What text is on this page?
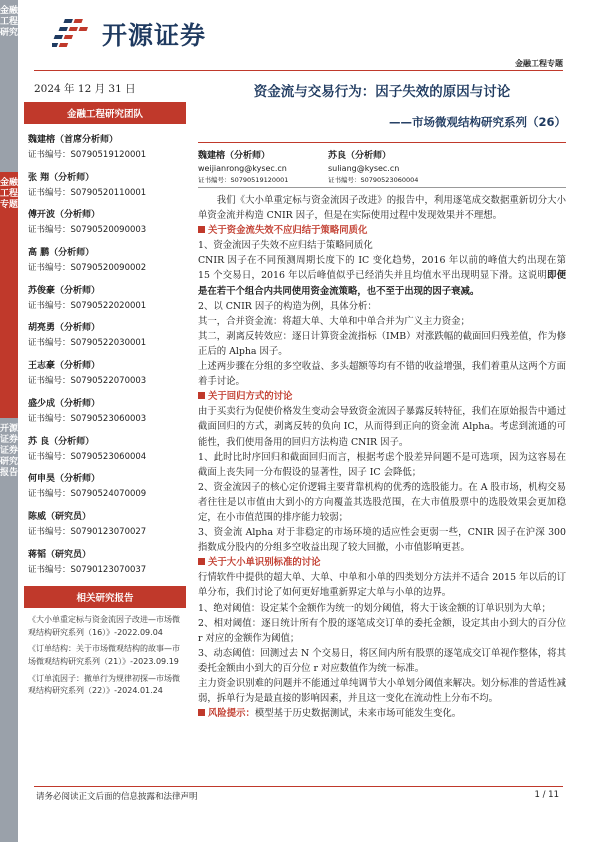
金融工程研究
金融工程专题
开源证券 证券研究报告
开源证券
金融工程专题
2024 年 12 月 31 日
金融工程研究团队
魏建榕（首席分析师）
证书编号：S0790519120001
张 翔（分析师）
证书编号：S0790520110001
傅开波（分析师）
证书编号：S0790520090003
高 鹏（分析师）
证书编号：S0790520090002
苏俊豪（分析师）
证书编号：S0790522020001
胡亮勇（分析师）
证书编号：S0790522030001
王志豪（分析师）
证书编号：S0790522070003
盛少成（分析师）
证书编号：S0790523060003
苏 良（分析师）
证书编号：S0790523060004
何申昊（分析师）
证书编号：S0790524070009
陈威（研究员）
证书编号：S0790123070027
蒋韬（研究员）
证书编号：S0790123070037
相关研究报告
《大小单重定标与资金流因子改进—市场微观结构研究系列（16）》-2022.09.04
《订单结构：关于市场微观结构的故事—市场微观结构研究系列（21）》-2023.09.19
《订单流因子：撤单行为规律初探—市场微观结构研究系列（22）》-2024.01.24
资金流与交易行为：因子失效的原因与讨论
——市场微观结构研究系列（26）
魏建榕（分析师）
weijianrong@kysec.cn
证书编号：S0790519120001
苏良（分析师）
suliang@kysec.cn
证书编号：S0790523060004

我们《大小单重定标与资金流因子改进》的报告中，利用逐笔成交数据重新切分大小单资金流并构造 CNIR 因子，但是在实际使用过程中发现效果并不理想。

关于资金流失效不应归结于策略同质化

1、资金流因子失效不应归结于策略同质化

CNIR 因子在不同预测周期长度下的 IC 变化趋势，2016 年以前的峰值大约出现在第 15 个交易日，2016 年以后峰值似乎已经消失并且均值水平出现明显下滑。这说明即便是在若干个组合内共同使用资金流策略，也不至于出现的因子衰减。

2、以 CNIR 因子的构造为例，具体分析：

其一，合并资金流：将超大单、大单和中单合并为广义主力资金；

其二，剥离反转效应：逐日计算资金流指标（IMB）对涨跌幅的截面回归残差值，作为修正后的 Alpha 因子。

上述两步骤在分组的多空收益、多头超额等均有不错的收益增强，我们着重从这两个方面着手讨论。

关于回归方式的讨论

由于买卖行为促使价格发生变动会导致资金流因子暴露反转特征，我们在原始报告中通过截面回归的方式，剥离反转的负向 IC，从而得到正向的资金流 Alpha。考虑到流通的可能性，我们使用备用的回归方法构造 CNIR 因子。

1、此时比时序回归和截面回归而言，根据考虑个股差异问题不是可选项，因为这容易在截面上丧失同一分布假设的显著性，因子 IC 会降低；

2、资金流因子的核心定价逻辑主要背靠机构的优秀的选股能力。在 A 股市场，机构交易者往往是以市值由大到小的方向覆盖其选股范围，在大市值股票中的选股效果会更加稳定，在小市值范围的排序能力较弱；

3、资金流 Alpha 对于非稳定的市场环境的适应性会更弱一些，CNIR 因子在沪深 300 指数成分股内的分组多空收益出现了较大回撤，小市值影响更甚。

关于大小单识别标准的讨论

行情软件中提供的超大单、大单、中单和小单的四类划分方法并不适合 2015 年以后的订单分布，我们讨论了如何更好地重新界定大单与小单的边界。

1、绝对阈值：设定某个金额作为统一的划分阈值，将大于该金额的订单识别为大单；

2、相对阈值：逐日统计所有个股的逐笔成交订单的委托金额，设定其由小到大的百分位 r 对应的金额作为阈值；

3、动态阈值：回测过去 N 个交易日，将区间内所有股票的逐笔成交订单视作整体，将其委托金额由小到大的百分位 r 对应数值作为统一标准。

主力资金识别难的问题并不能通过单纯调节大小单划分阈值来解决。划分标准的普适性减弱，拆单行为是最直接的影响因素，并且这一变化在流动性上分布不均。

风险提示：模型基于历史数据测试，未来市场可能发生变化。

请务必阅读正文后面的信息披露和法律声明	1 / 11
